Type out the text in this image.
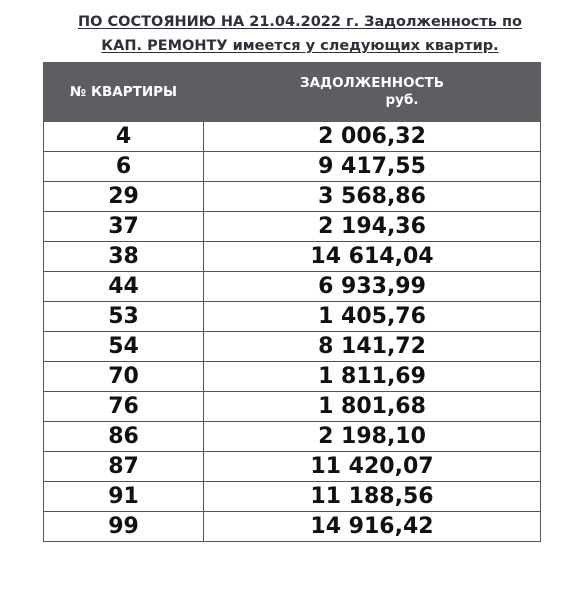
ПО СОСТОЯНИЮ НА 21.04.2022 г. Задолженность по
КАП. РЕМОНТУ имеется у следующих квартир.
№ КВАРТИРЫ	ЗАДОЛЖЕННОСТЬ
руб.

4	2 006,32
6	9 417,55
29	3 568,86
37	2 194,36
38	14 614,04
44	6 933,99
53	1 405,76
54	8 141,72
70	1 811,69
76	1 801,68
86	2 198,10
87	11 420,07
91	11 188,56
99	14 916,42
